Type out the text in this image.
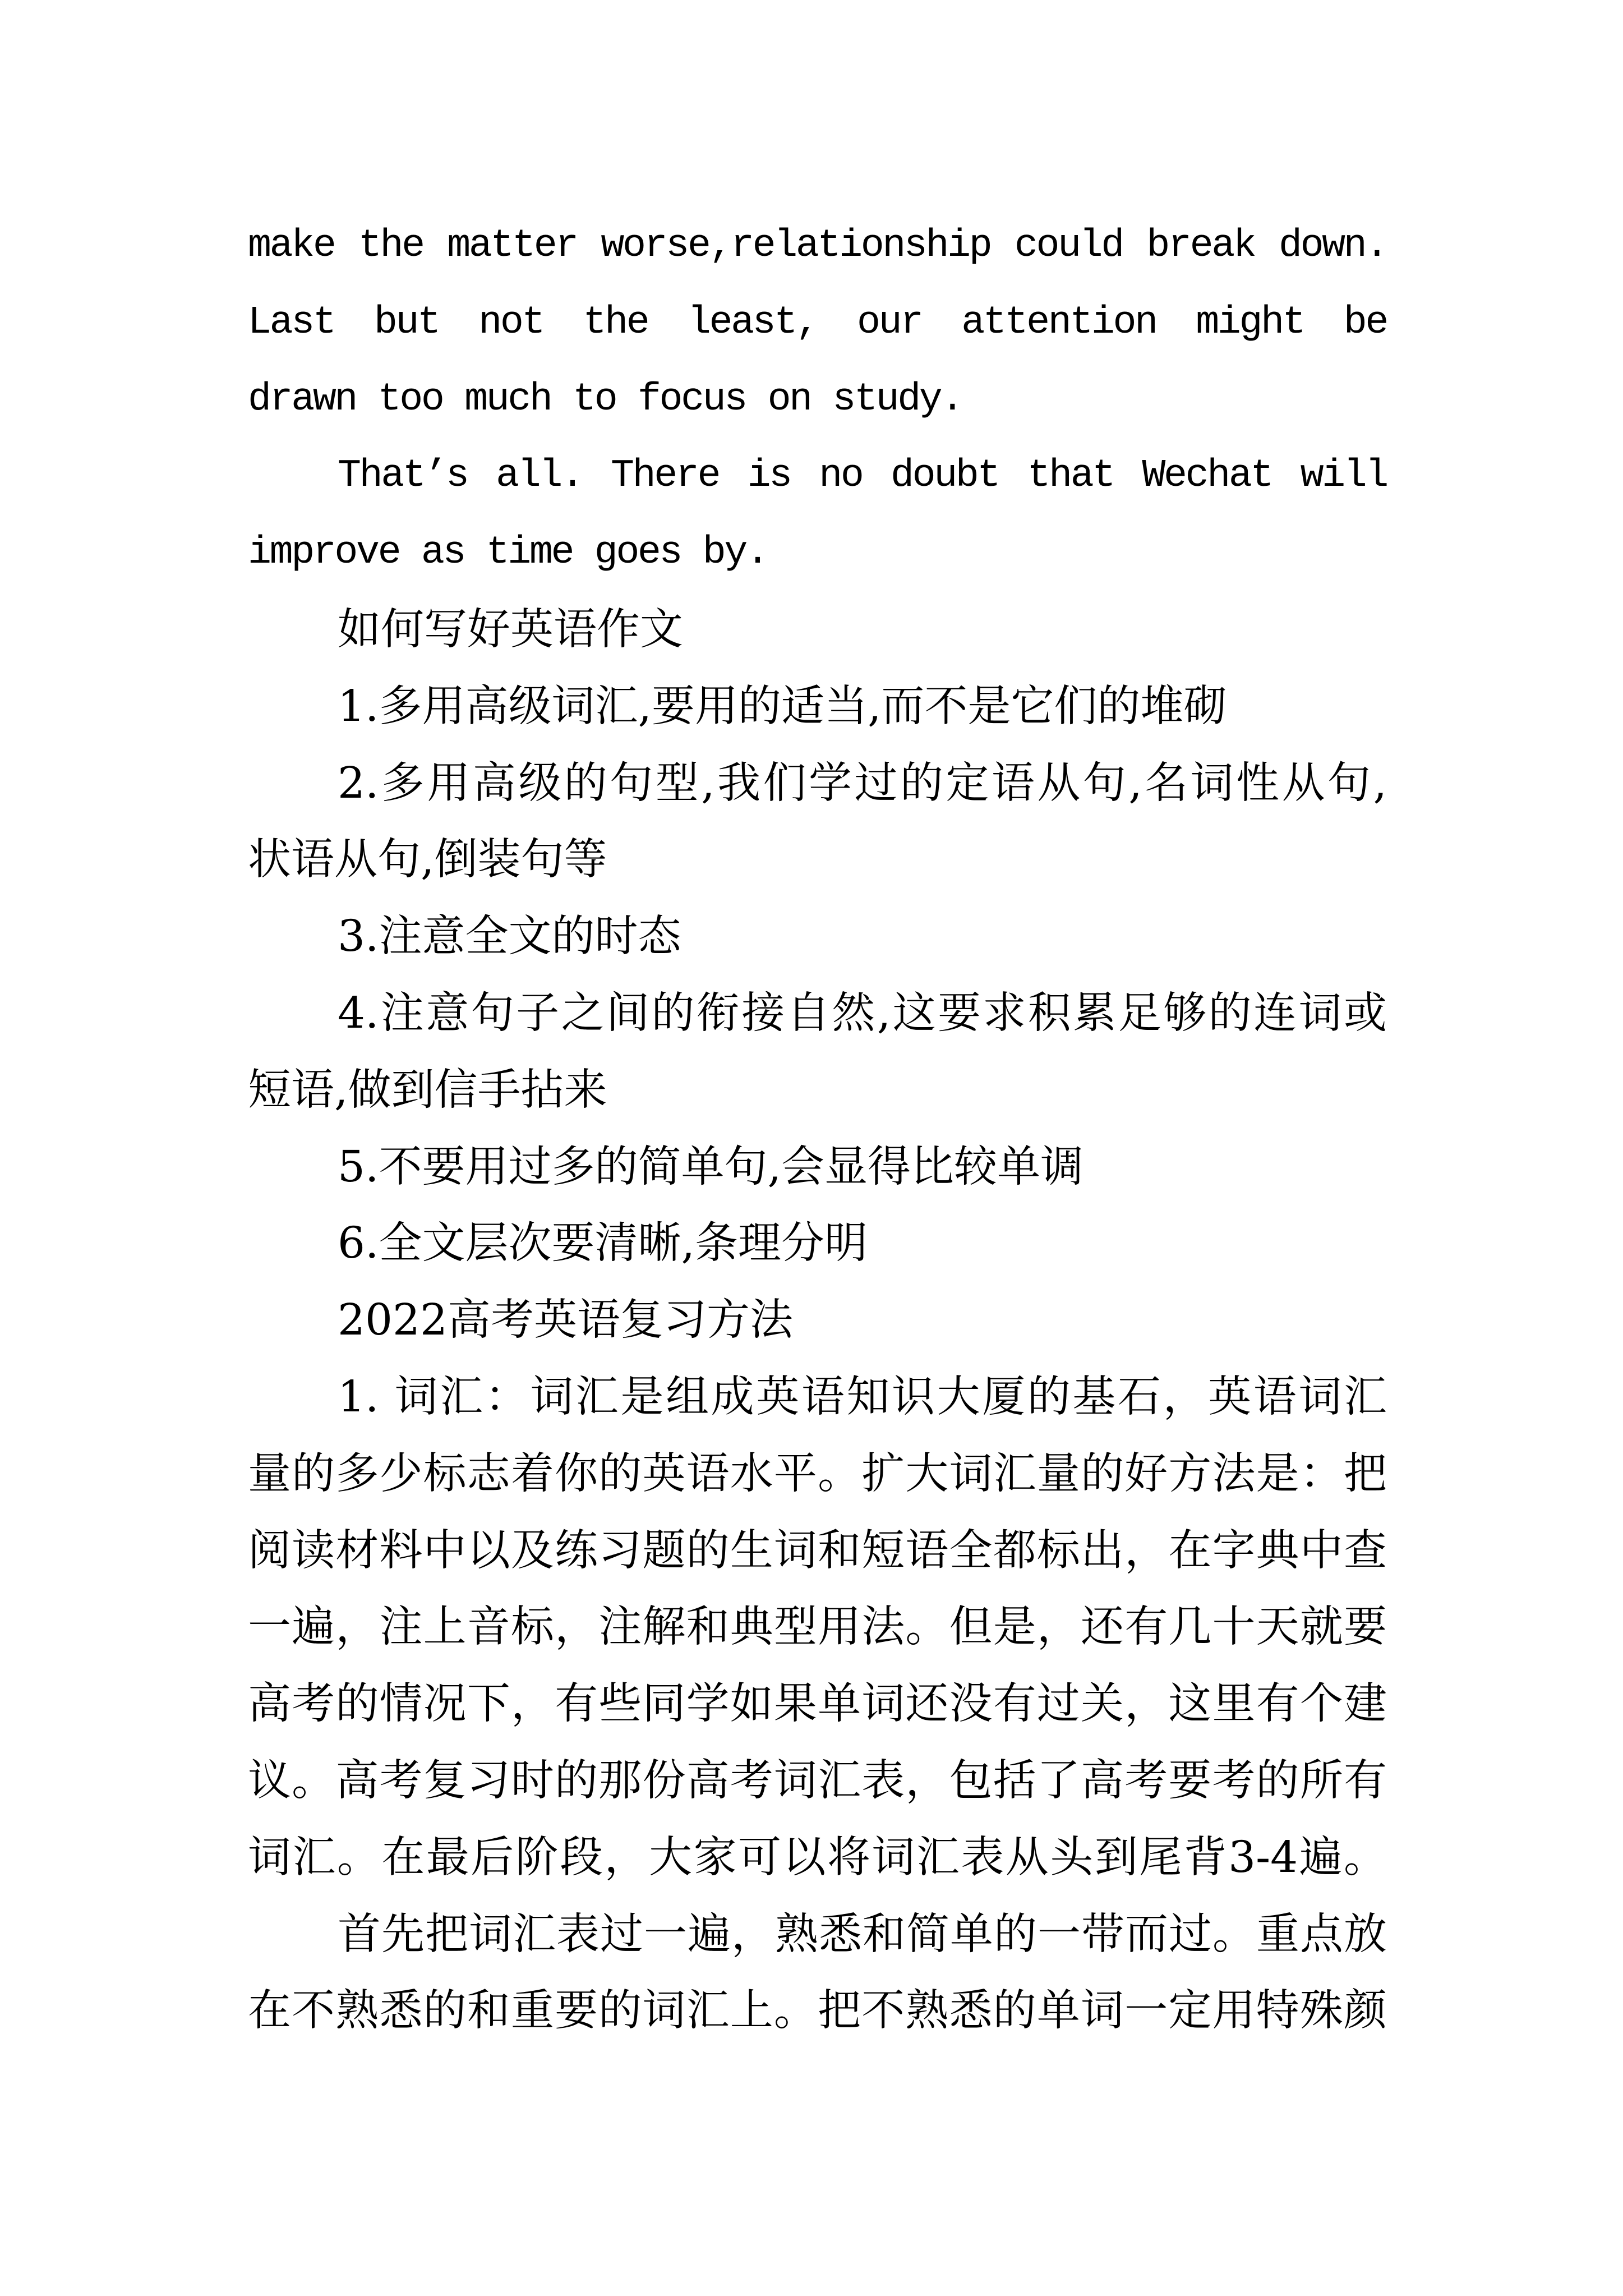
make the matter worse,relationship could break down.
Last but not the least, our attention might be
drawn too much to focus on study.
That’s all. There is no doubt that Wechat will
improve as time goes by.
如何写好英语作文
1.多用高级词汇,要用的适当,而不是它们的堆砌
2.多用高级的句型,我们学过的定语从句,名词性从句,
状语从句,倒装句等
3.注意全文的时态
4.注意句子之间的衔接自然,这要求积累足够的连词或
短语,做到信手拈来
5.不要用过多的简单句,会显得比较单调
6.全文层次要清晰,条理分明
2022高考英语复习方法
1. 词汇：词汇是组成英语知识大厦的基石，英语词汇
量的多少标志着你的英语水平。扩大词汇量的好方法是：把
阅读材料中以及练习题的生词和短语全都标出，在字典中查
一遍，注上音标，注解和典型用法。但是，还有几十天就要
高考的情况下，有些同学如果单词还没有过关，这里有个建
议。高考复习时的那份高考词汇表，包括了高考要考的所有
词汇。在最后阶段，大家可以将词汇表从头到尾背3-4遍。
首先把词汇表过一遍，熟悉和简单的一带而过。重点放
在不熟悉的和重要的词汇上。把不熟悉的单词一定用特殊颜
